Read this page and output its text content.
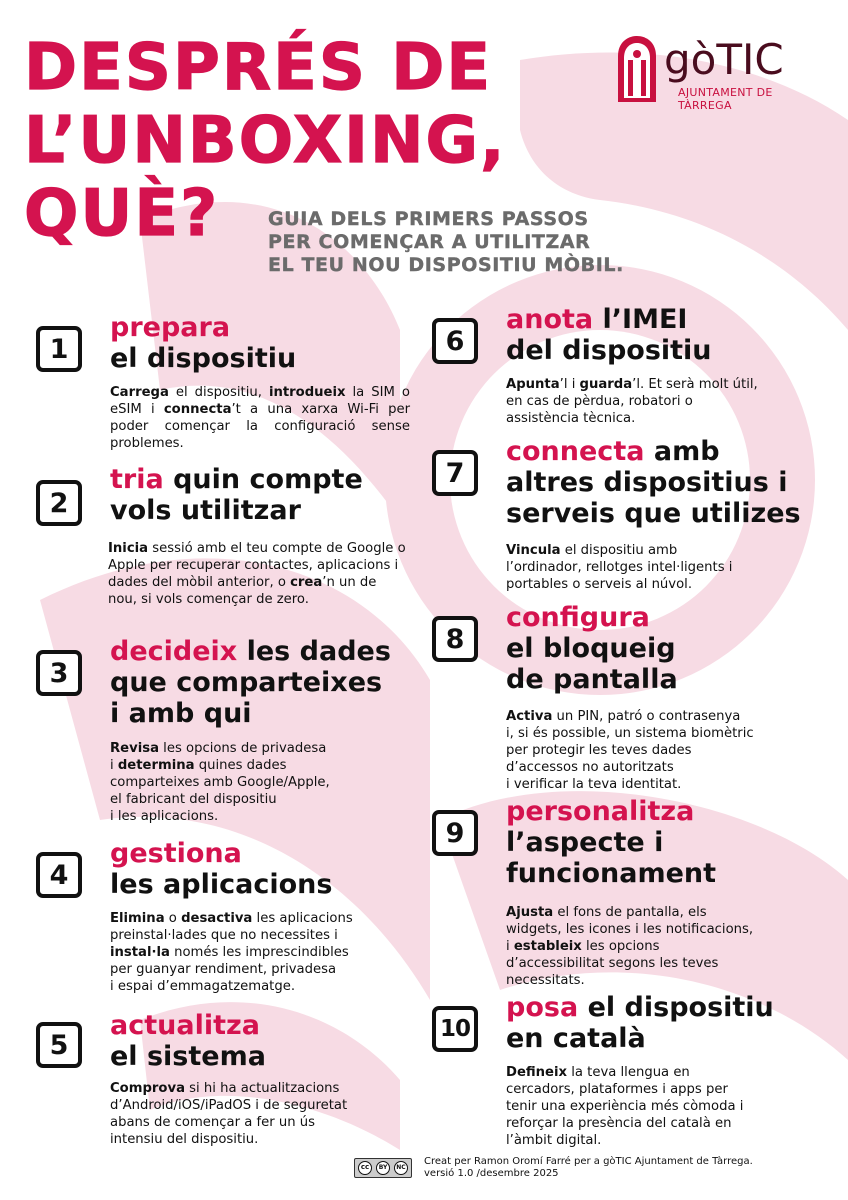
DESPRÉS DE
L’UNBOXING,
QUÈ?	GUIA DELS PRIMERS PASSOS
PER COMENÇAR A UTILITZAR
EL TEU NOU DISPOSITIU MÒBIL.
gòTIC
AJUNTAMENT DE TÀRREGA
1
prepara
el dispositiu
Carrega el dispositiu, introdueix la SIM o eSIM i connecta’t a una xarxa Wi-Fi per poder començar la configuració sense problemes.
2
tria quin compte
vols utilitzar
Inicia sessió amb el teu compte de Google o Apple per recuperar contactes, aplicacions i dades del mòbil anterior, o crea’n un de nou, si vols començar de zero.
3
decideix les dades
que comparteixes
i amb qui
Revisa les opcions de privadesa
i determina quines dades
comparteixes amb Google/Apple,
el fabricant del dispositiu
i les aplicacions.
4
gestiona
les aplicacions
Elimina o desactiva les aplicacions
preinstal·lades que no necessites i
instal·la només les imprescindibles
per guanyar rendiment, privadesa
i espai d’emmagatzematge.
5
actualitza
el sistema
Comprova si hi ha actualitzacions
d’Android/iOS/iPadOS i de seguretat
abans de començar a fer un ús
intensiu del dispositiu.
6
anota l’IMEI
del dispositiu
Apunta’l i guarda’l. Et serà molt útil,
en cas de pèrdua, robatori o
assistència tècnica.
7
connecta amb
altres dispositius i
serveis que utilizes
Vincula el dispositiu amb
l’ordinador, rellotges intel·ligents i
portables o serveis al núvol.
8
configura
el bloqueig
de pantalla
Activa un PIN, patró o contrasenya
i, si és possible, un sistema biomètric
per protegir les teves dades
d’accessos no autoritzats
i verificar la teva identitat.
9
personalitza
l’aspecte i
funcionament
Ajusta el fons de pantalla, els
widgets, les icones i les notificacions,
i estableix les opcions
d’accessibilitat segons les teves
necessitats.
10
posa el dispositiu
en català
Defineix la teva llengua en
cercadors, plataformes i apps per
tenir una experiència més còmoda i
reforçar la presència del català en
l’àmbit digital.
cc	BY	NC
Creat per Ramon Oromí Farré per a gòTIC Ajuntament de Tàrrega.
versió 1.0 /desembre 2025
